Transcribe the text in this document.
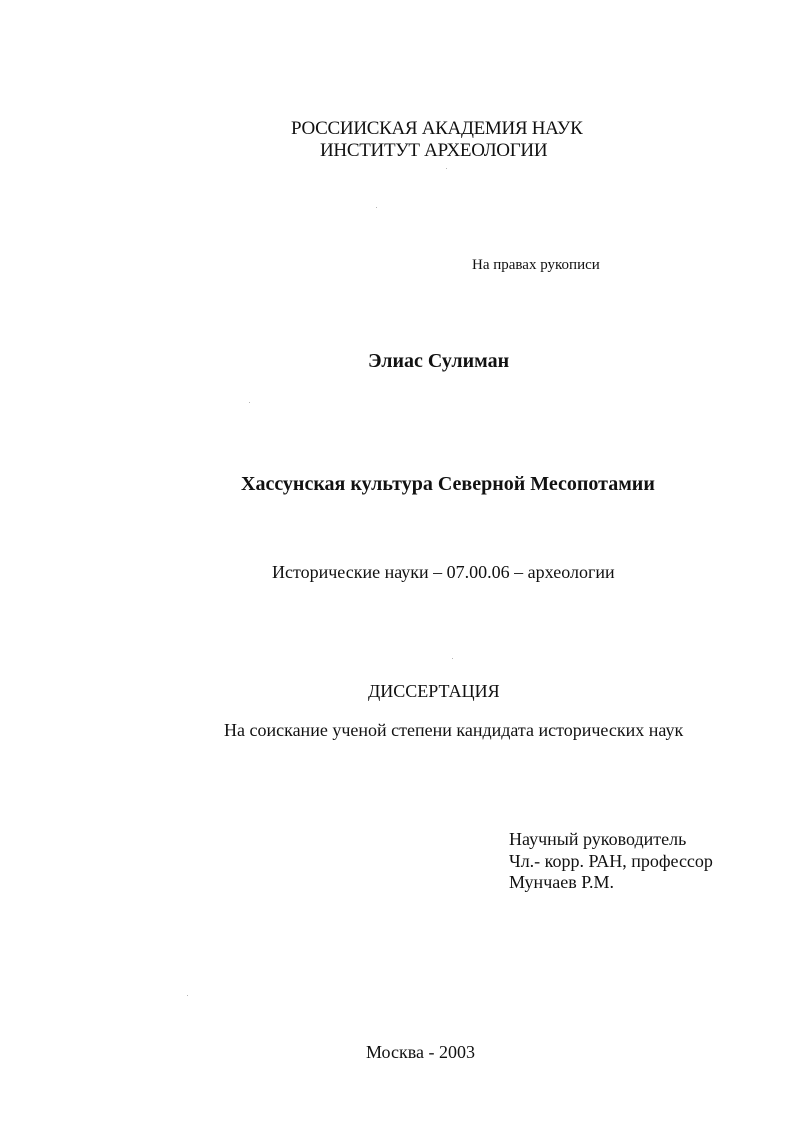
РОССИИСКАЯ АКАДЕМИЯ НАУК
ИНСТИТУТ АРХЕОЛОГИИ
На правах рукописи
Элиас Сулиман
Хассунская культура Северной Месопотамии
Исторические науки – 07.00.06 – археологии
ДИССЕРТАЦИЯ
На соискание ученой степени кандидата исторических наук
Научный руководитель
Чл.- корр. РАН, профессор
Мунчаев Р.М.
Москва - 2003
